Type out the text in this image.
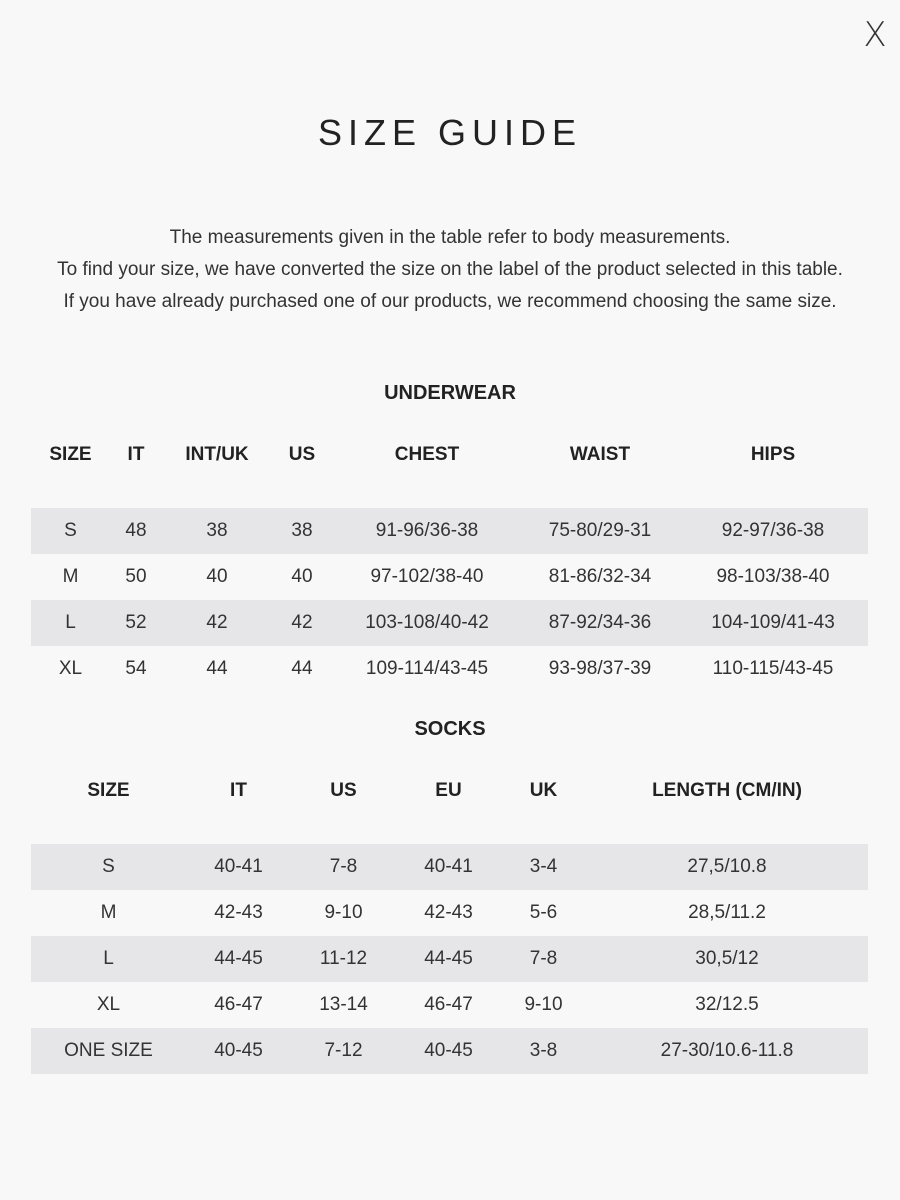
X
SIZE GUIDE

The measurements given in the table refer to body measurements.

To find your size, we have converted the size on the label of the product selected in this table.

If you have already purchased one of our products, we recommend choosing the same size.

UNDERWEAR
SIZE	IT	INT/UK	US	CHEST	WAIST	HIPS

S	48	38	38	91-96/36-38	75-80/29-31	92-97/36-38
M	50	40	40	97-102/38-40	81-86/32-34	98-103/38-40
L	52	42	42	103-108/40-42	87-92/34-36	104-109/41-43
XL	54	44	44	109-114/43-45	93-98/37-39	110-115/43-45
SOCKS
SIZE	IT	US	EU	UK	LENGTH (CM/IN)

S	40-41	7-8	40-41	3-4	27,5/10.8
M	42-43	9-10	42-43	5-6	28,5/11.2
L	44-45	11-12	44-45	7-8	30,5/12
XL	46-47	13-14	46-47	9-10	32/12.5
ONE SIZE	40-45	7-12	40-45	3-8	27-30/10.6-11.8
